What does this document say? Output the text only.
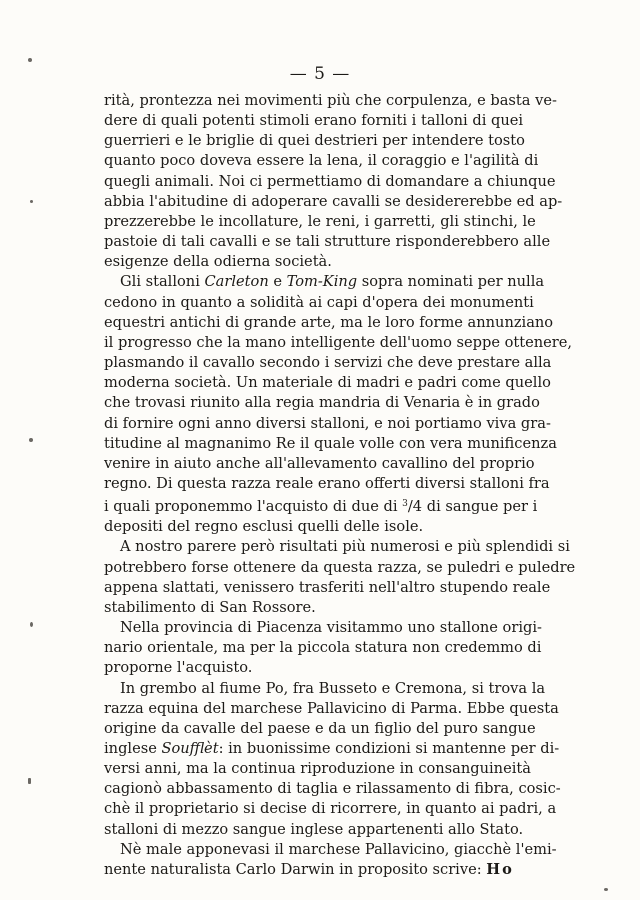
— 5 —

rità, prontezza nei movimenti più che corpulenza, e basta ve-
dere di quali potenti stimoli erano forniti i talloni di quei
guerrieri e le briglie di quei destrieri per intendere tosto
quanto poco doveva essere la lena, il coraggio e l'agilità di
quegli animali. Noi ci permettiamo di domandare a chiunque
abbia l'abitudine di adoperare cavalli se desidererebbe ed ap-
prezzerebbe le incollature, le reni, i garretti, gli stinchi, le
pastoie di tali cavalli e se tali strutture risponderebbero alle
esigenze della odierna società.

Gli stalloni Carleton e Tom-King sopra nominati per nulla
cedono in quanto a solidità ai capi d'opera dei monumenti
equestri antichi di grande arte, ma le loro forme annunziano
il progresso che la mano intelligente dell'uomo seppe ottenere,
plasmando il cavallo secondo i servizi che deve prestare alla
moderna società. Un materiale di madri e padri come quello
che trovasi riunito alla regia mandria di Venaria è in grado
di fornire ogni anno diversi stalloni, e noi portiamo viva gra-
titudine al magnanimo Re il quale volle con vera munificenza
venire in aiuto anche all'allevamento cavallino del proprio
regno. Di questa razza reale erano offerti diversi stalloni fra
i quali proponemmo l'acquisto di due di $^3$/4 di sangue per i
depositi del regno esclusi quelli delle isole.

A nostro parere però risultati più numerosi e più splendidi si
potrebbero forse ottenere da questa razza, se puledri e puledre
appena slattati, venissero trasferiti nell'altro stupendo reale
stabilimento di San Rossore.

Nella provincia di Piacenza visitammo uno stallone origi-
nario orientale, ma per la piccola statura non credemmo di
proporne l'acquisto.

In grembo al fiume Po, fra Busseto e Cremona, si trova la
razza equina del marchese Pallavicino di Parma. Ebbe questa
origine da cavalle del paese e da un figlio del puro sangue
inglese Soufflèt: in buonissime condizioni si mantenne per di-
versi anni, ma la continua riproduzione in consanguineità
cagionò abbassamento di taglia e rilassamento di fibra, cosic-
chè il proprietario si decise di ricorrere, in quanto ai padri, a
stalloni di mezzo sangue inglese appartenenti allo Stato.

Nè male apponevasi il marchese Pallavicino, giacchè l'emi-
nente naturalista Carlo Darwin in proposito scrive: Ho
